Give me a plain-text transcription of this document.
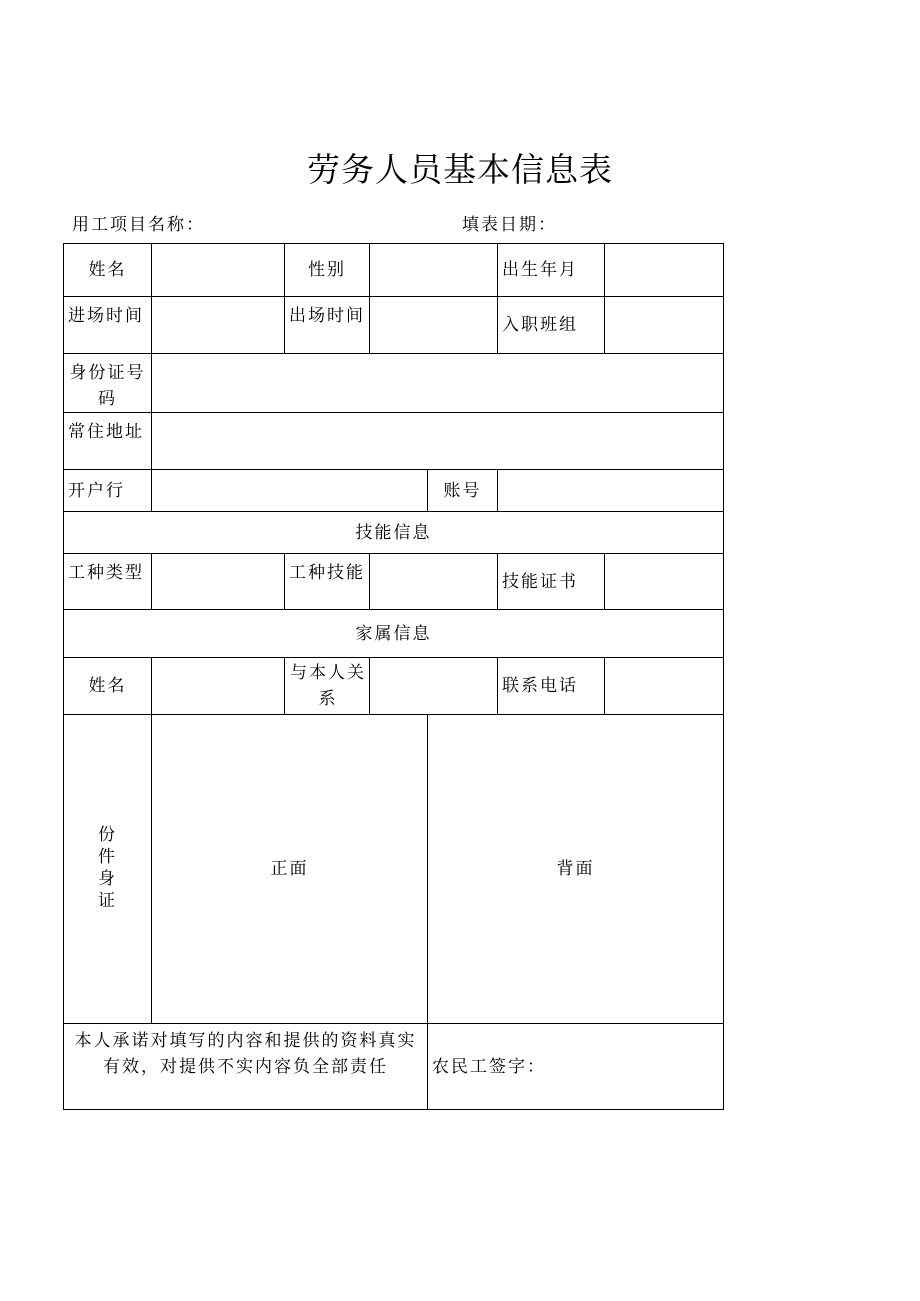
劳务人员基本信息表
用工项目名称：	填表日期：
姓名		性别			出生年月	
进场时间		出场时间			入职班组	

身份证号码						

常住地址						
开户行				账号		
技能信息						
工种类型		工种技能			技能证书	
家属信息						
姓名		与本人关系			联系电话	
份件身证	正面			背面		

本人承诺对填写的内容和提供的资料真实
有效，对提供不实内容负全部责任				农民工签字：		
